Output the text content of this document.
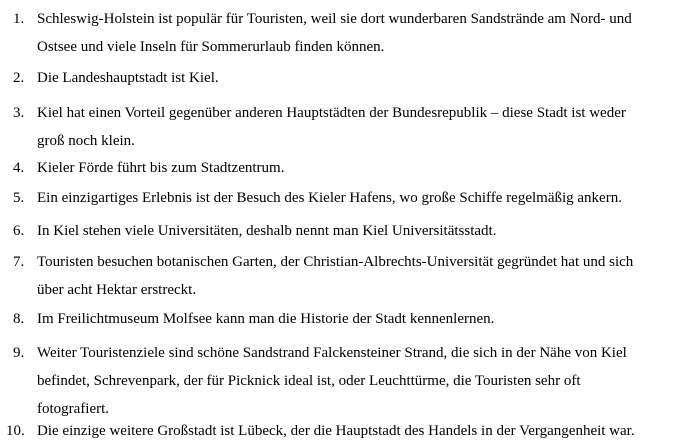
1. Schleswig-Holstein ist populär für Touristen, weil sie dort wunderbaren Sandstrände am Nord- und
Ostsee und viele Inseln für Sommerurlaub finden können.
2. Die Landeshauptstadt ist Kiel.
3. Kiel hat einen Vorteil gegenüber anderen Hauptstädten der Bundesrepublik – diese Stadt ist weder
groß noch klein.
4. Kieler Förde führt bis zum Stadtzentrum.
5. Ein einzigartiges Erlebnis ist der Besuch des Kieler Hafens, wo große Schiffe regelmäßig ankern.
6. In Kiel stehen viele Universitäten, deshalb nennt man Kiel Universitätsstadt.
7. Touristen besuchen botanischen Garten, der Christian-Albrechts-Universität gegründet hat und sich
über acht Hektar erstreckt.
8. Im Freilichtmuseum Molfsee kann man die Historie der Stadt kennenlernen.
9. Weiter Touristenziele sind schöne Sandstrand Falckensteiner Strand, die sich in der Nähe von Kiel
befindet, Schrevenpark, der für Picknick ideal ist, oder Leuchttürme, die Touristen sehr oft
fotografiert.
10. Die einzige weitere Großstadt ist Lübeck, der die Hauptstadt des Handels in der Vergangenheit war.
